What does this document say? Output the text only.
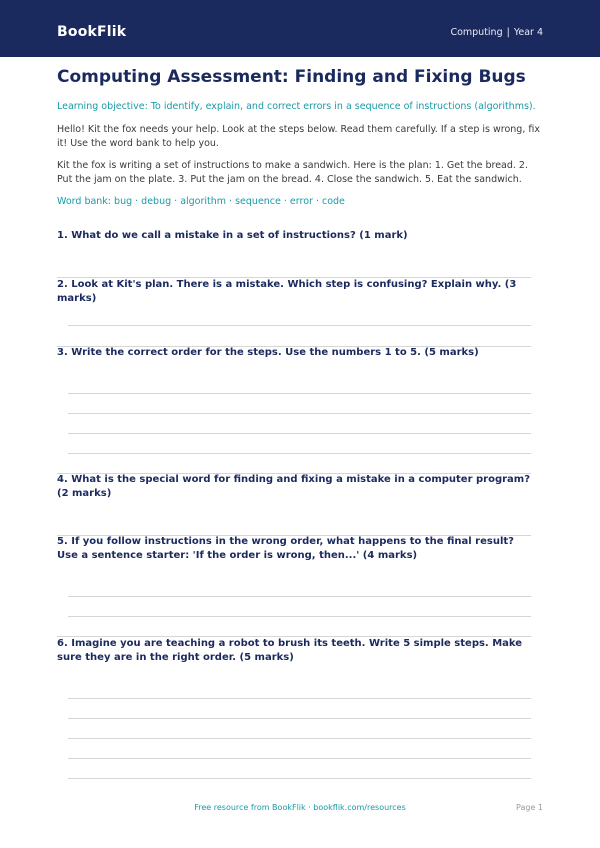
BookFlik	Computing | Year 4
Computing Assessment: Finding and Fixing Bugs
Learning objective: To identify, explain, and correct errors in a sequence of instructions (algorithms).
Hello! Kit the fox needs your help. Look at the steps below. Read them carefully. If a step is wrong, fix it! Use the word bank to help you.
Kit the fox is writing a set of instructions to make a sandwich. Here is the plan: 1. Get the bread. 2. Put the jam on the plate. 3. Put the jam on the bread. 4. Close the sandwich. 5. Eat the sandwich.
Word bank: bug · debug · algorithm · sequence · error · code
1. What do we call a mistake in a set of instructions? (1 mark)
2. Look at Kit's plan. There is a mistake. Which step is confusing? Explain why. (3 marks)
3. Write the correct order for the steps. Use the numbers 1 to 5. (5 marks)
4. What is the special word for finding and fixing a mistake in a computer program? (2 marks)
5. If you follow instructions in the wrong order, what happens to the final result? Use a sentence starter: 'If the order is wrong, then...' (4 marks)
6. Imagine you are teaching a robot to brush its teeth. Write 5 simple steps. Make sure they are in the right order. (5 marks)
Free resource from BookFlik · bookflik.com/resources	Page 1
